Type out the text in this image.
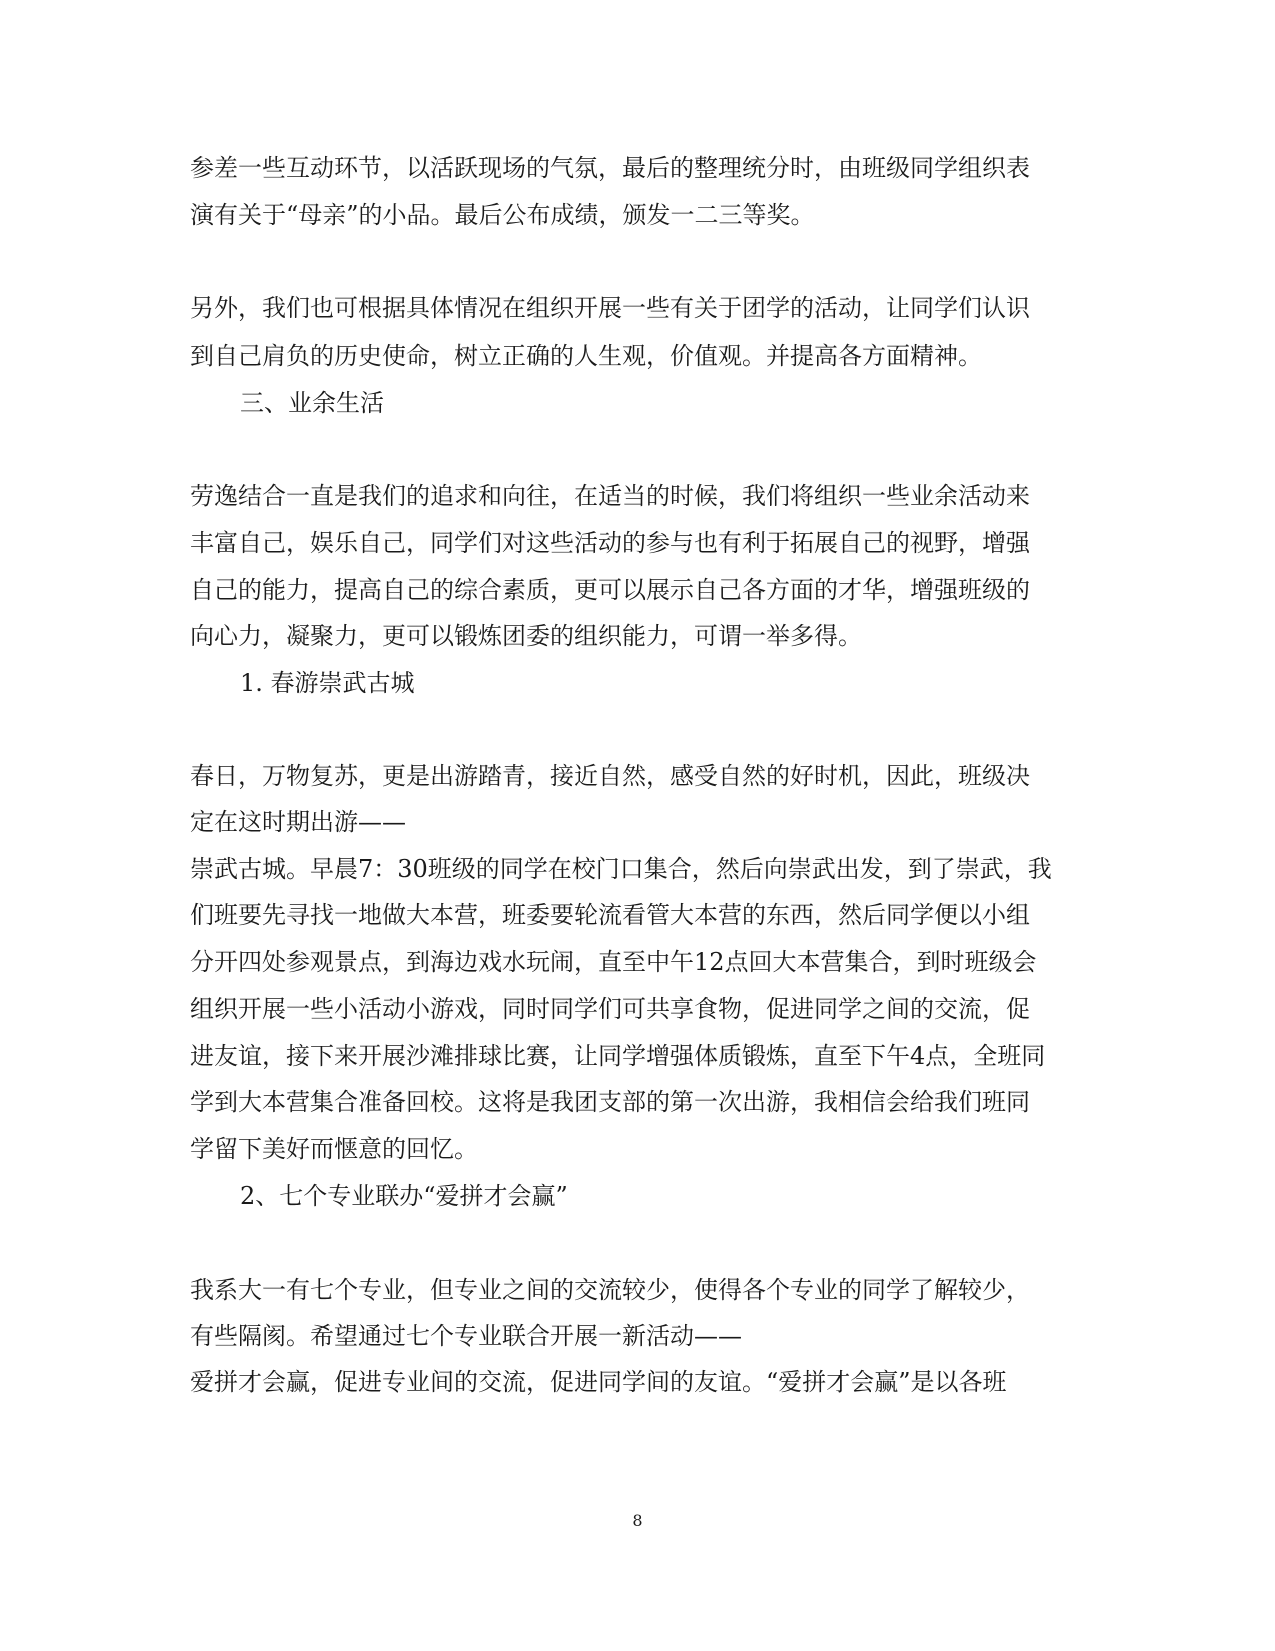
参差一些互动环节，以活跃现场的气氛，最后的整理统分时，由班级同学组织表
演有关于“母亲”的小品。最后公布成绩，颁发一二三等奖。
另外，我们也可根据具体情况在组织开展一些有关于团学的活动，让同学们认识
到自己肩负的历史使命，树立正确的人生观，价值观。并提高各方面精神。
三、业余生活
劳逸结合一直是我们的追求和向往，在适当的时候，我们将组织一些业余活动来
丰富自己，娱乐自己，同学们对这些活动的参与也有利于拓展自己的视野，增强
自己的能力，提高自己的综合素质，更可以展示自己各方面的才华，增强班级的
向心力，凝聚力，更可以锻炼团委的组织能力，可谓一举多得。
1. 春游崇武古城
春日，万物复苏，更是出游踏青，接近自然，感受自然的好时机，因此，班级决
定在这时期出游——
崇武古城。早晨7：30班级的同学在校门口集合，然后向崇武出发，到了崇武，我
们班要先寻找一地做大本营，班委要轮流看管大本营的东西，然后同学便以小组
分开四处参观景点，到海边戏水玩闹，直至中午12点回大本营集合，到时班级会
组织开展一些小活动小游戏，同时同学们可共享食物，促进同学之间的交流，促
进友谊，接下来开展沙滩排球比赛，让同学增强体质锻炼，直至下午4点，全班同
学到大本营集合准备回校。这将是我团支部的第一次出游，我相信会给我们班同
学留下美好而惬意的回忆。
2、七个专业联办“爱拼才会赢”
我系大一有七个专业，但专业之间的交流较少，使得各个专业的同学了解较少，
有些隔阂。希望通过七个专业联合开展一新活动——
爱拼才会赢，促进专业间的交流，促进同学间的友谊。“爱拼才会赢”是以各班
8
